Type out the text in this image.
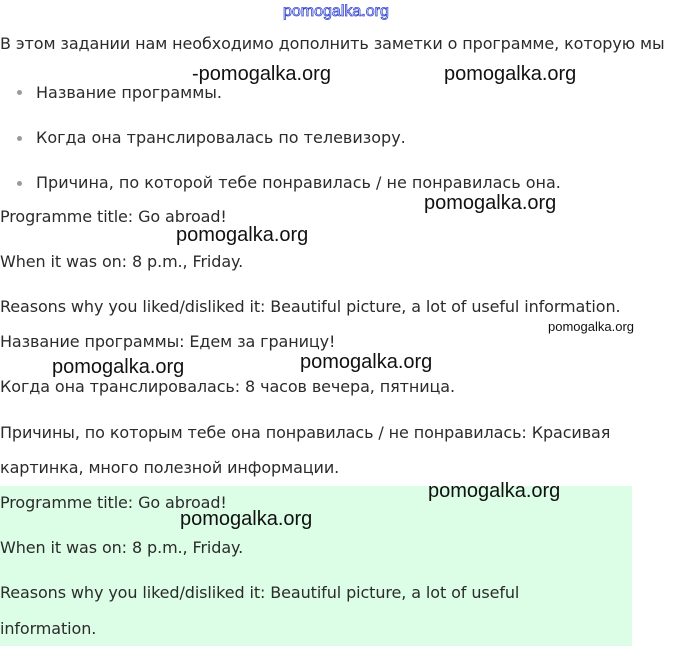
pomogalka.org
В этом задании нам необходимо дополнить заметки о программе, которую мы
Название программы.
Когда она транслировалась по телевизору.
Причина, по которой тебе понравилась / не понравилась она.
Programme title: Go abroad!
When it was on: 8 p.m., Friday.
Reasons why you liked/disliked it: Beautiful picture, a lot of useful information.
Название программы: Едем за границу!
Когда она транслировалась: 8 часов вечера, пятница.
Причины, по которым тебе она понравилась / не понравилась: Красивая
картинка, много полезной информации.
Programme title: Go abroad!
When it was on: 8 p.m., Friday.
Reasons why you liked/disliked it: Beautiful picture, a lot of useful
information.
-pomogalka.org	pomogalka.org
pomogalka.org
pomogalka.org
pomogalka.org
pomogalka.org	pomogalka.org
pomogalka.org
pomogalka.org
